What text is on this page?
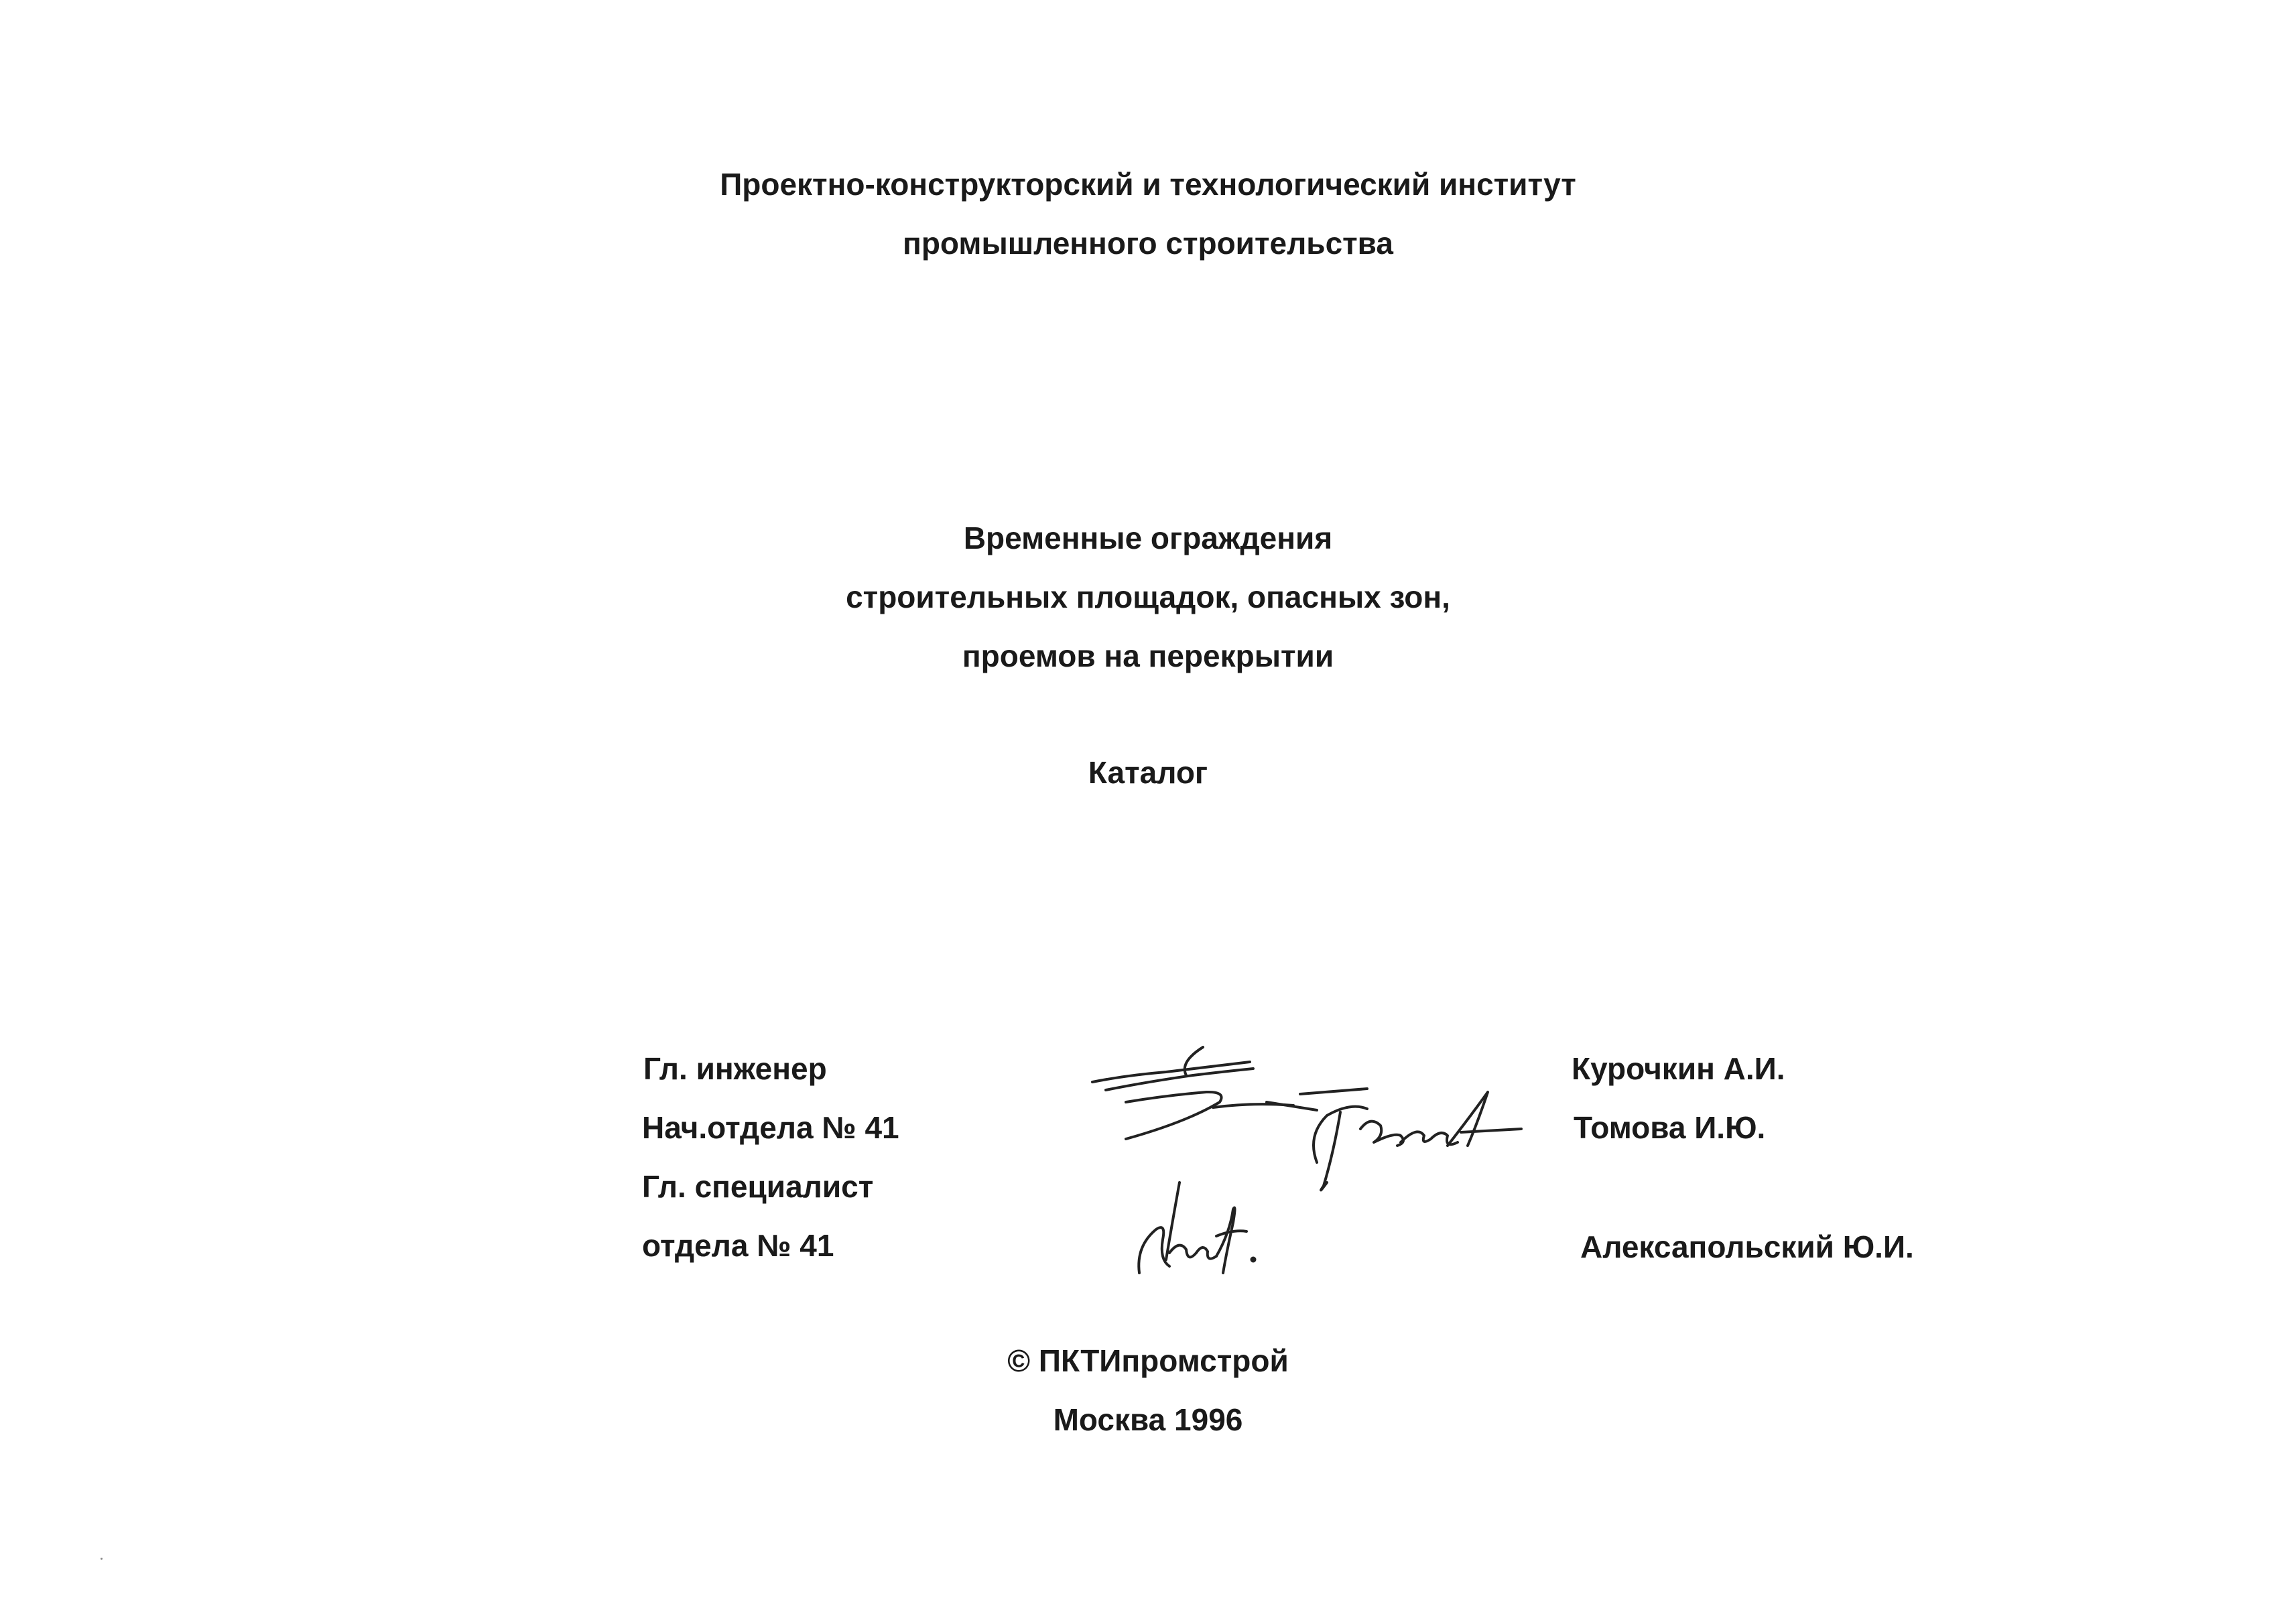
Проектно-конструкторский и технологический институт
промышленного строительства
Временные ограждения
строительных площадок, опасных зон,
проемов на перекрытии
Каталог
Гл. инженер
Нач.отдела № 41
Гл. специалист
отдела № 41
Курочкин А.И.
Томова И.Ю.
Алексапольский Ю.И.
© ПКТИпромстрой
Москва 1996
